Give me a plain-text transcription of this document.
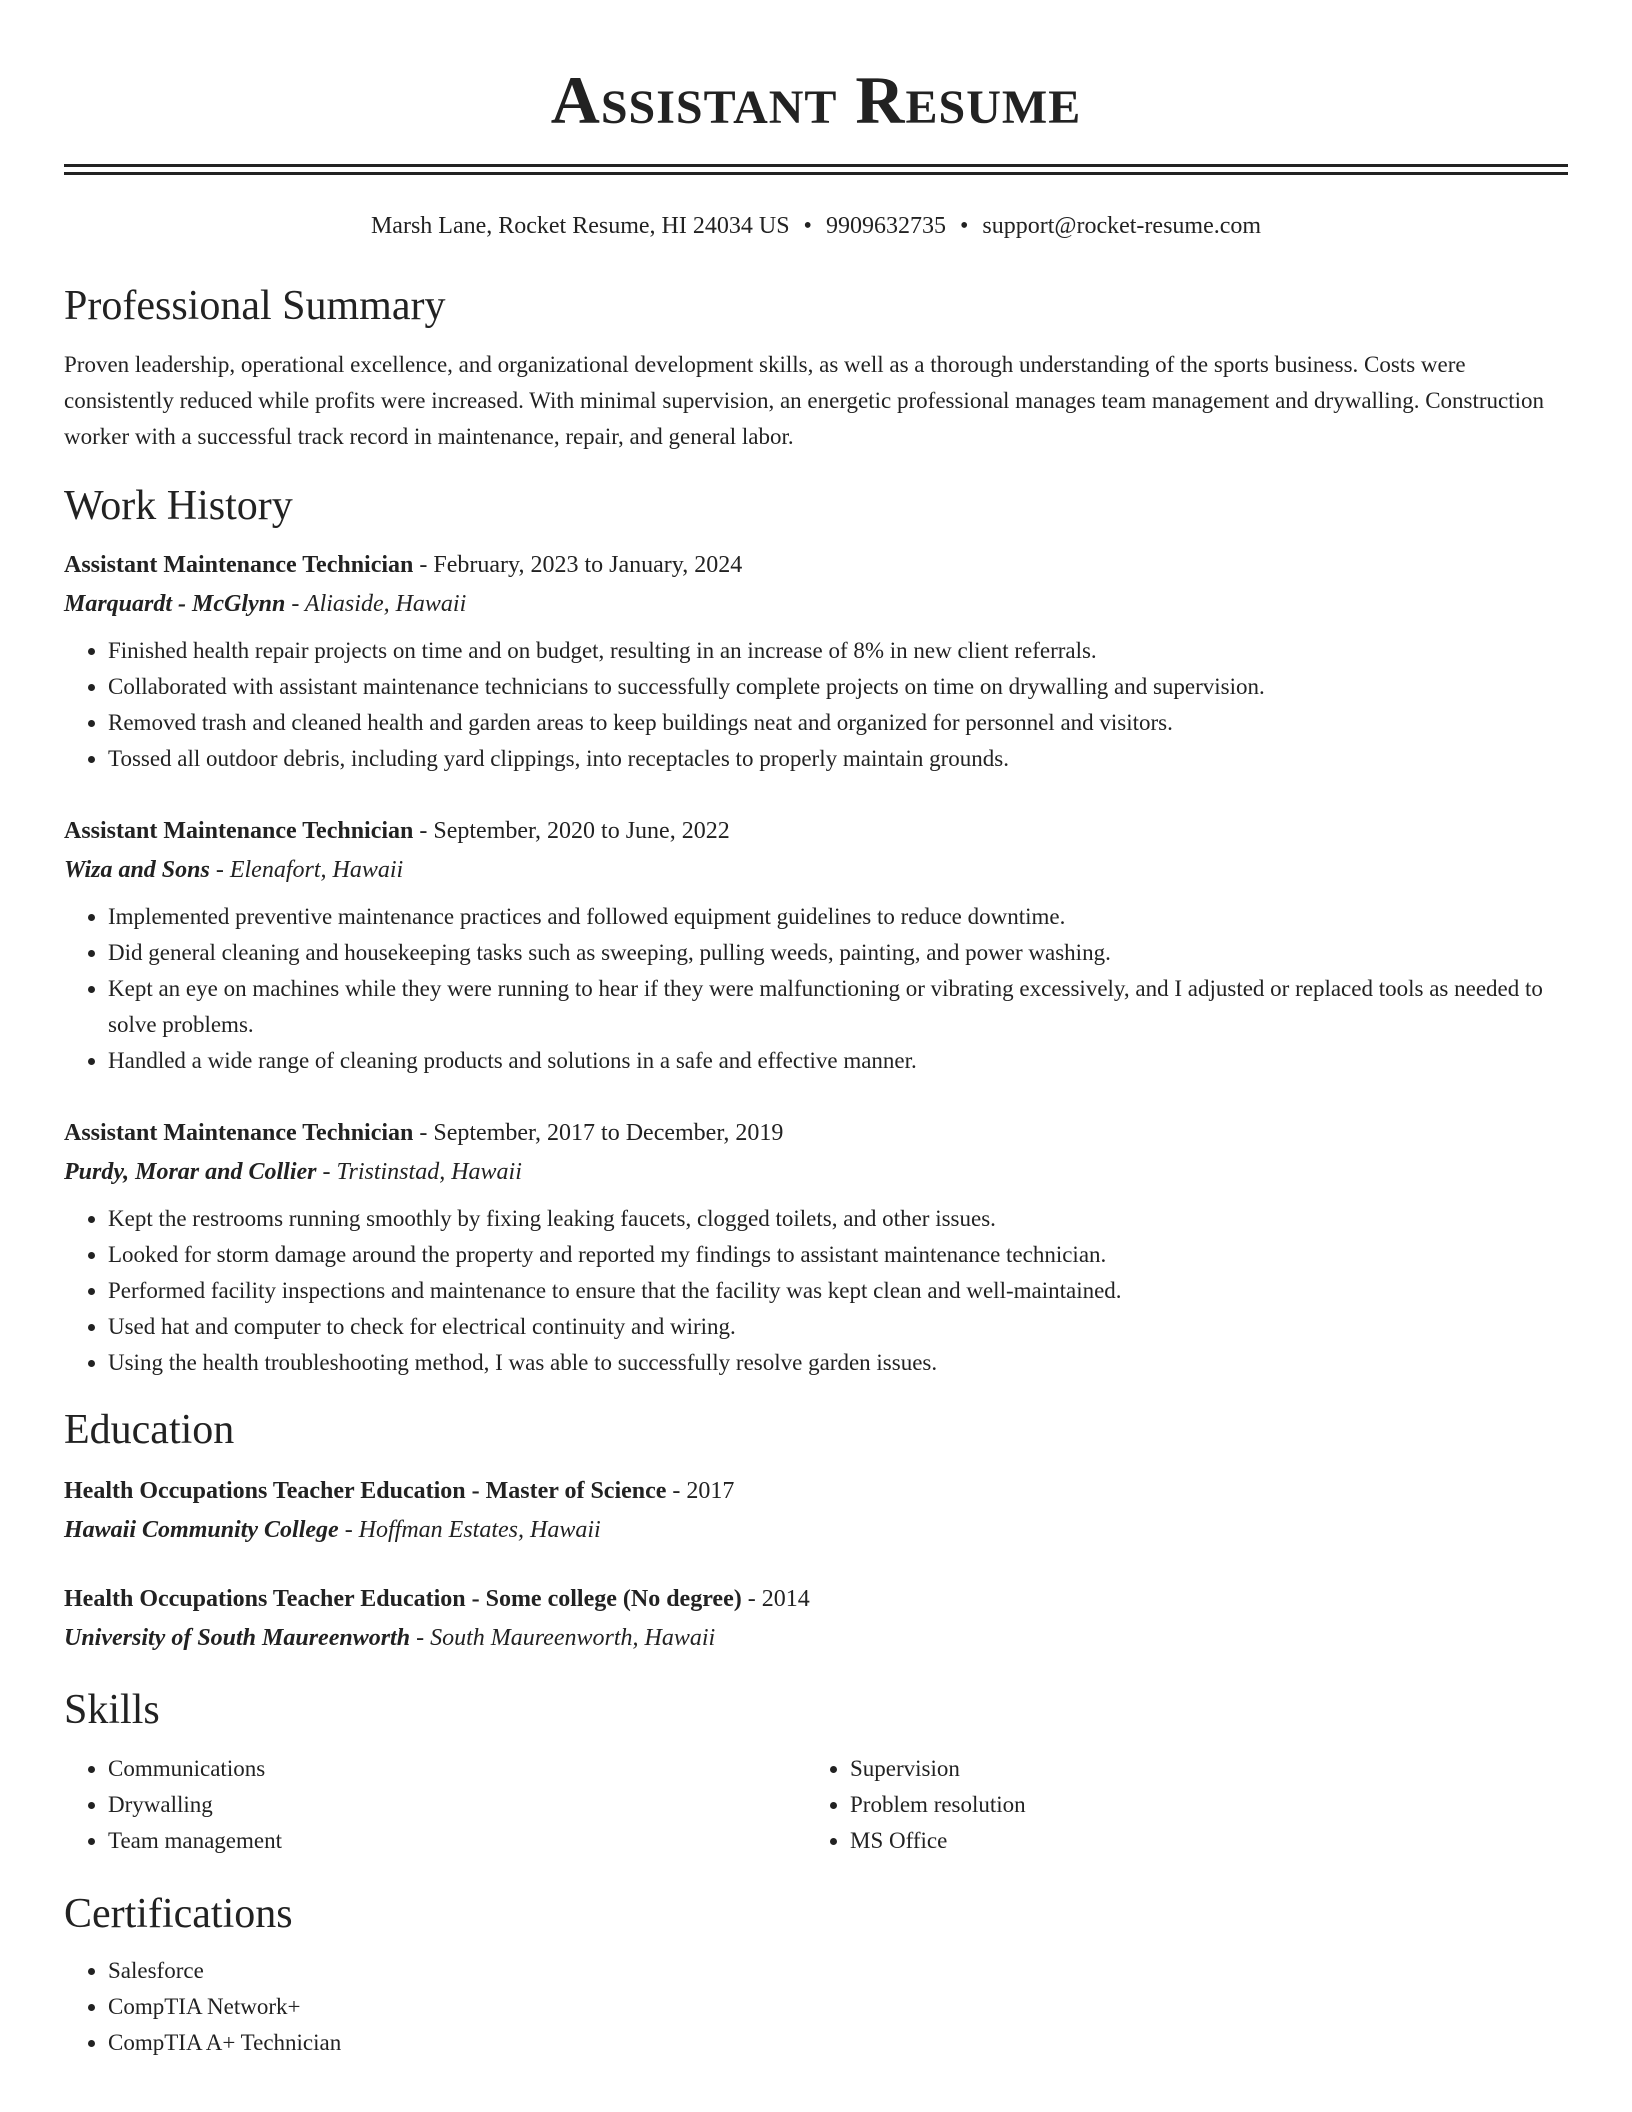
Assistant Resume
Marsh Lane, Rocket Resume, HI 24034 US • 9909632735 • support@rocket-resume.com
Professional Summary

Proven leadership, operational excellence, and organizational development skills, as well as a thorough understanding of the sports business. Costs were consistently reduced while profits were increased. With minimal supervision, an energetic professional manages team management and drywalling. Construction worker with a successful track record in maintenance, repair, and general labor.

Work History
Assistant Maintenance Technician - February, 2023 to January, 2024
Marquardt - McGlynn - Aliaside, Hawaii
• Finished health repair projects on time and on budget, resulting in an increase of 8% in new client referrals.
• Collaborated with assistant maintenance technicians to successfully complete projects on time on drywalling and supervision.
• Removed trash and cleaned health and garden areas to keep buildings neat and organized for personnel and visitors.
• Tossed all outdoor debris, including yard clippings, into receptacles to properly maintain grounds.
Assistant Maintenance Technician - September, 2020 to June, 2022
Wiza and Sons - Elenafort, Hawaii
• Implemented preventive maintenance practices and followed equipment guidelines to reduce downtime.
• Did general cleaning and housekeeping tasks such as sweeping, pulling weeds, painting, and power washing.
• Kept an eye on machines while they were running to hear if they were malfunctioning or vibrating excessively, and I adjusted or replaced tools as needed to solve problems.
• Handled a wide range of cleaning products and solutions in a safe and effective manner.
Assistant Maintenance Technician - September, 2017 to December, 2019
Purdy, Morar and Collier - Tristinstad, Hawaii
• Kept the restrooms running smoothly by fixing leaking faucets, clogged toilets, and other issues.
• Looked for storm damage around the property and reported my findings to assistant maintenance technician.
• Performed facility inspections and maintenance to ensure that the facility was kept clean and well-maintained.
• Used hat and computer to check for electrical continuity and wiring.
• Using the health troubleshooting method, I was able to successfully resolve garden issues.
Education
Health Occupations Teacher Education - Master of Science - 2017
Hawaii Community College - Hoffman Estates, Hawaii
Health Occupations Teacher Education - Some college (No degree) - 2014
University of South Maureenworth - South Maureenworth, Hawaii
Skills
• Communications
• Drywalling
• Team management
• Supervision
• Problem resolution
• MS Office
Certifications
• Salesforce
• CompTIA Network+
• CompTIA A+ Technician
